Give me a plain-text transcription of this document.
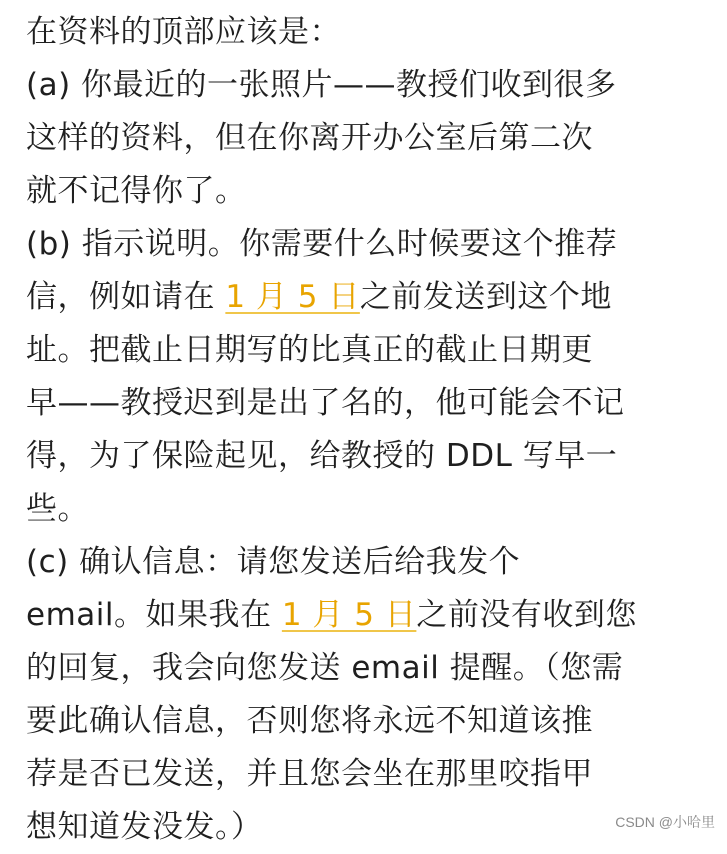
在资料的顶部应该是：
(a) 你最近的一张照片——教授们收到很多
这样的资料，但在你离开办公室后第二次
就不记得你了。
(b) 指示说明。你需要什么时候要这个推荐
信，例如请在 1 月 5 日之前发送到这个地
址。把截止日期写的比真正的截止日期更
早——教授迟到是出了名的，他可能会不记
得，为了保险起见，给教授的 DDL 写早一
些。
(c) 确认信息：请您发送后给我发个
email。如果我在 1 月 5 日之前没有收到您
的回复，我会向您发送 email 提醒。（您需
要此确认信息，否则您将永远不知道该推
荐是否已发送，并且您会坐在那里咬指甲
想知道发没发。）	CSDN @小哈里
